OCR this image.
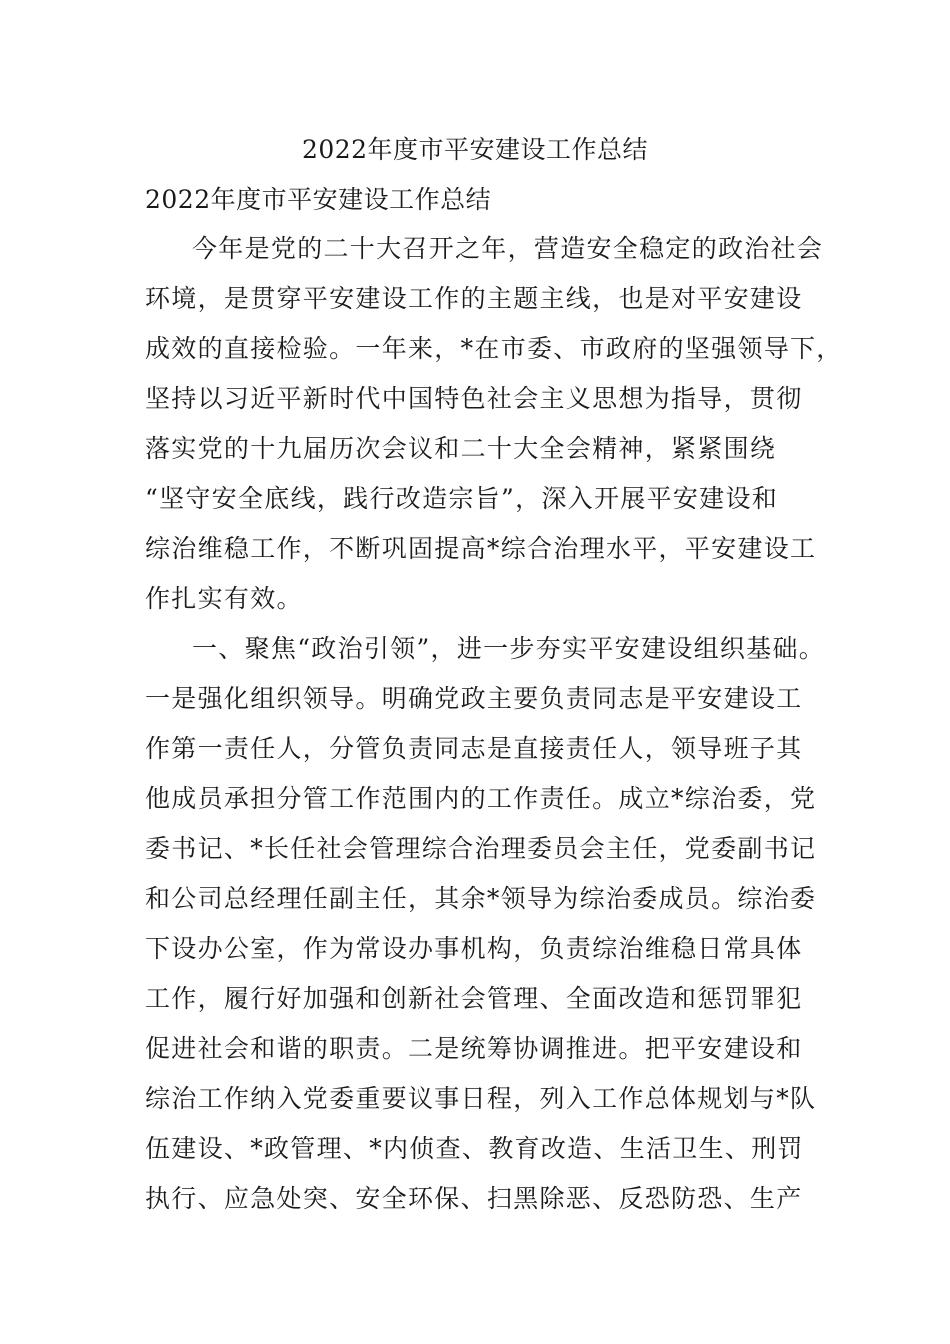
2022年度市平安建设工作总结
2022年度市平安建设工作总结
今年是党的二十大召开之年，营造安全稳定的政治社会
环境，是贯穿平安建设工作的主题主线，也是对平安建设
成效的直接检验。一年来，*在市委、市政府的坚强领导下，
坚持以习近平新时代中国特色社会主义思想为指导，贯彻
落实党的十九届历次会议和二十大全会精神，紧紧围绕
“坚守安全底线，践行改造宗旨”，深入开展平安建设和
综治维稳工作，不断巩固提高*综合治理水平，平安建设工
作扎实有效。
一、聚焦“政治引领”，进一步夯实平安建设组织基础。
一是强化组织领导。明确党政主要负责同志是平安建设工
作第一责任人，分管负责同志是直接责任人，领导班子其
他成员承担分管工作范围内的工作责任。成立*综治委，党
委书记、*长任社会管理综合治理委员会主任，党委副书记
和公司总经理任副主任，其余*领导为综治委成员。综治委
下设办公室，作为常设办事机构，负责综治维稳日常具体
工作，履行好加强和创新社会管理、全面改造和惩罚罪犯
促进社会和谐的职责。二是统筹协调推进。把平安建设和
综治工作纳入党委重要议事日程，列入工作总体规划与*队
伍建设、*政管理、*内侦查、教育改造、生活卫生、刑罚
执行、应急处突、安全环保、扫黑除恶、反恐防恐、生产
